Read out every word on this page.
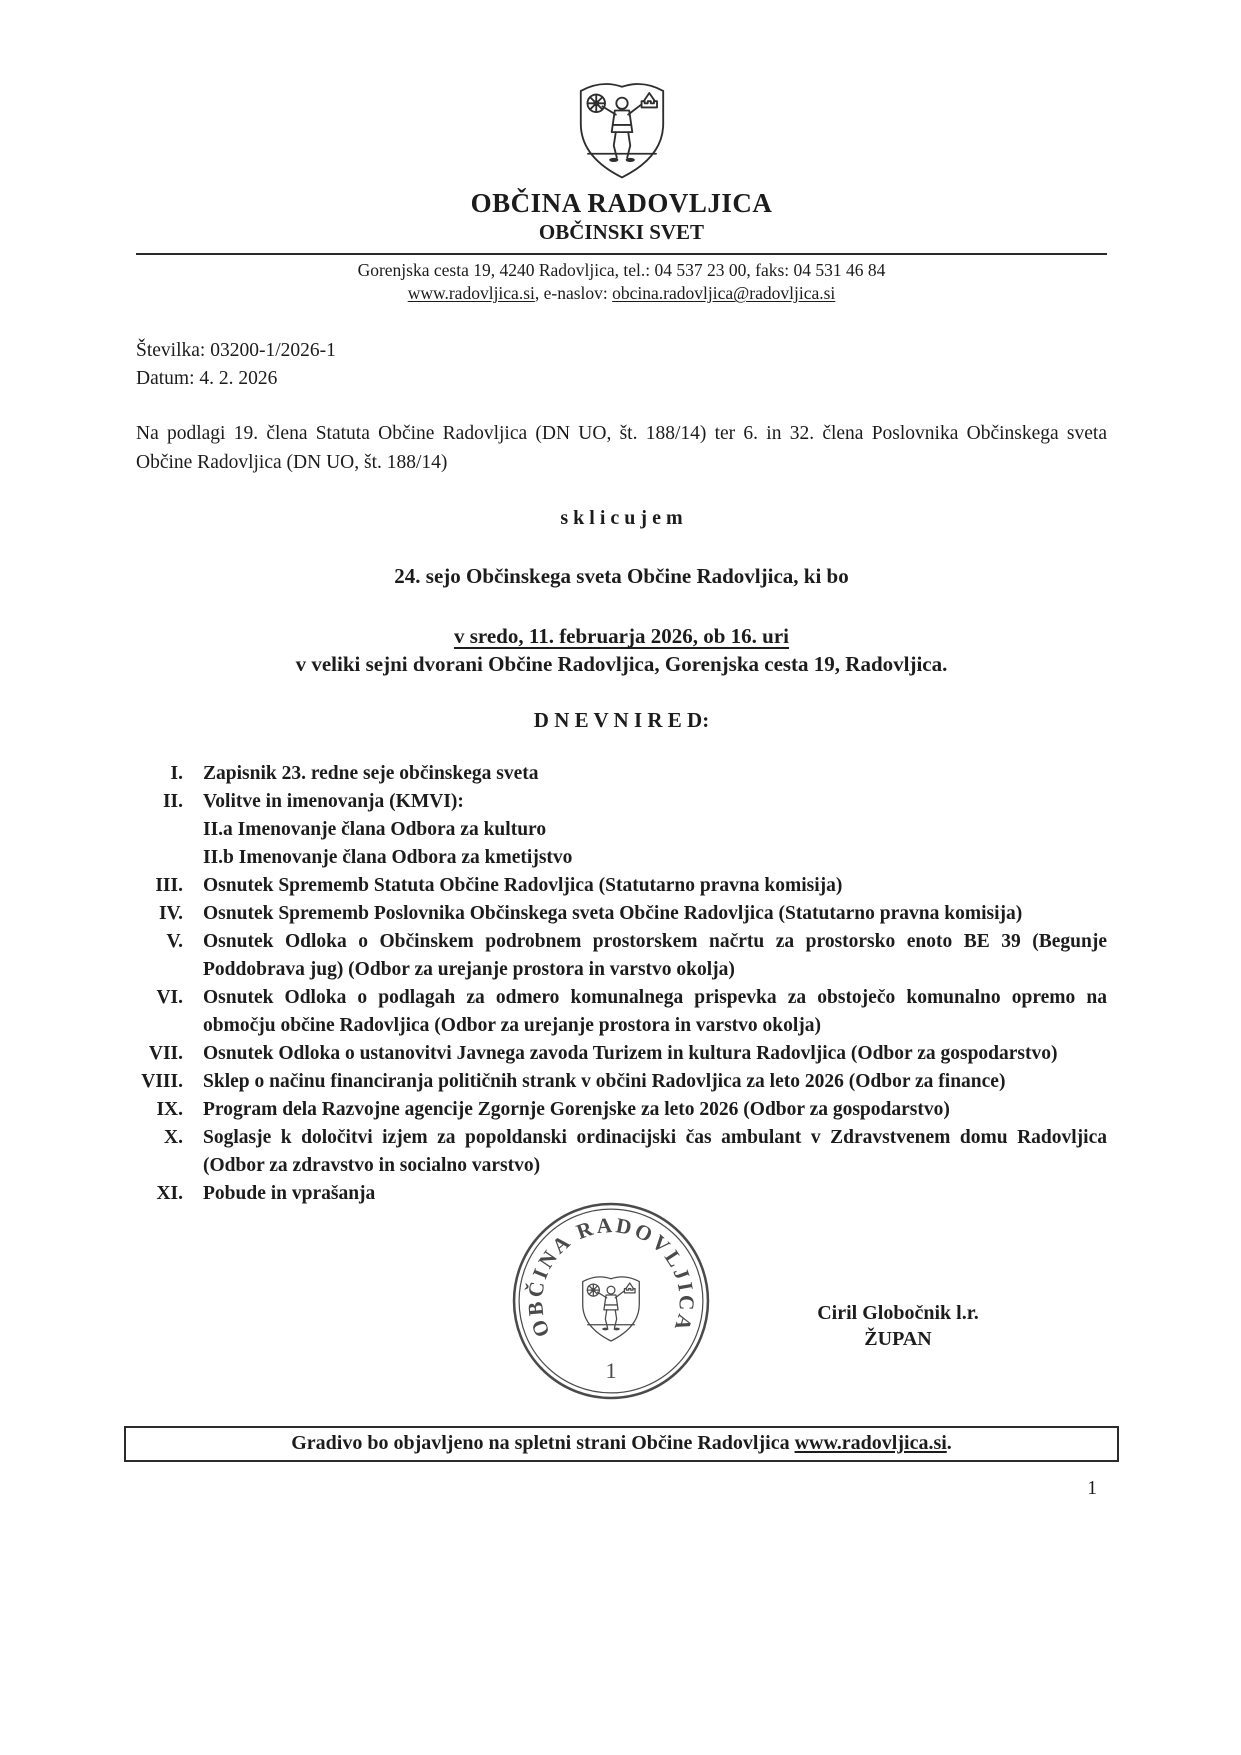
OBČINA RADOVLJICA
OBČINSKI SVET
Gorenjska cesta 19, 4240 Radovljica, tel.: 04 537 23 00, faks: 04 531 46 84
www.radovljica.si, e-naslov: obcina.radovljica@radovljica.si
Številka: 03200-1/2026-1
Datum: 4. 2. 2026
Na podlagi 19. člena Statuta Občine Radovljica (DN UO, št. 188/14) ter 6. in 32. člena Poslovnika Občinskega sveta Občine Radovljica (DN UO, št. 188/14)
s k l i c u j e m
24. sejo Občinskega sveta Občine Radovljica, ki bo
v sredo, 11. februarja 2026, ob 16. uri
v veliki sejni dvorani Občine Radovljica, Gorenjska cesta 19, Radovljica.
D N E V N I R E D:
I. Zapisnik 23. redne seje občinskega sveta
II. Volitve in imenovanja (KMVI):
II.a Imenovanje člana Odbora za kulturo
II.b Imenovanje člana Odbora za kmetijstvo
III. Osnutek Sprememb Statuta Občine Radovljica (Statutarno pravna komisija)
IV. Osnutek Sprememb Poslovnika Občinskega sveta Občine Radovljica (Statutarno pravna komisija)
V. Osnutek Odloka o Občinskem podrobnem prostorskem načrtu za prostorsko enoto BE 39 (Begunje Poddobrava jug) (Odbor za urejanje prostora in varstvo okolja)
VI. Osnutek Odloka o podlagah za odmero komunalnega prispevka za obstoječo komunalno opremo na območju občine Radovljica (Odbor za urejanje prostora in varstvo okolja)
VII. Osnutek Odloka o ustanovitvi Javnega zavoda Turizem in kultura Radovljica (Odbor za gospodarstvo)
VIII. Sklep o načinu financiranja političnih strank v občini Radovljica za leto 2026 (Odbor za finance)
IX. Program dela Razvojne agencije Zgornje Gorenjske za leto 2026 (Odbor za gospodarstvo)
X. Soglasje k določitvi izjem za popoldanski ordinacijski čas ambulant v Zdravstvenem domu Radovljica (Odbor za zdravstvo in socialno varstvo)
XI. Pobude in vprašanja
OBČINA RADOVLJICA
1
Ciril Globočnik l.r.
ŽUPAN
Gradivo bo objavljeno na spletni strani Občine Radovljica www.radovljica.si.
1
